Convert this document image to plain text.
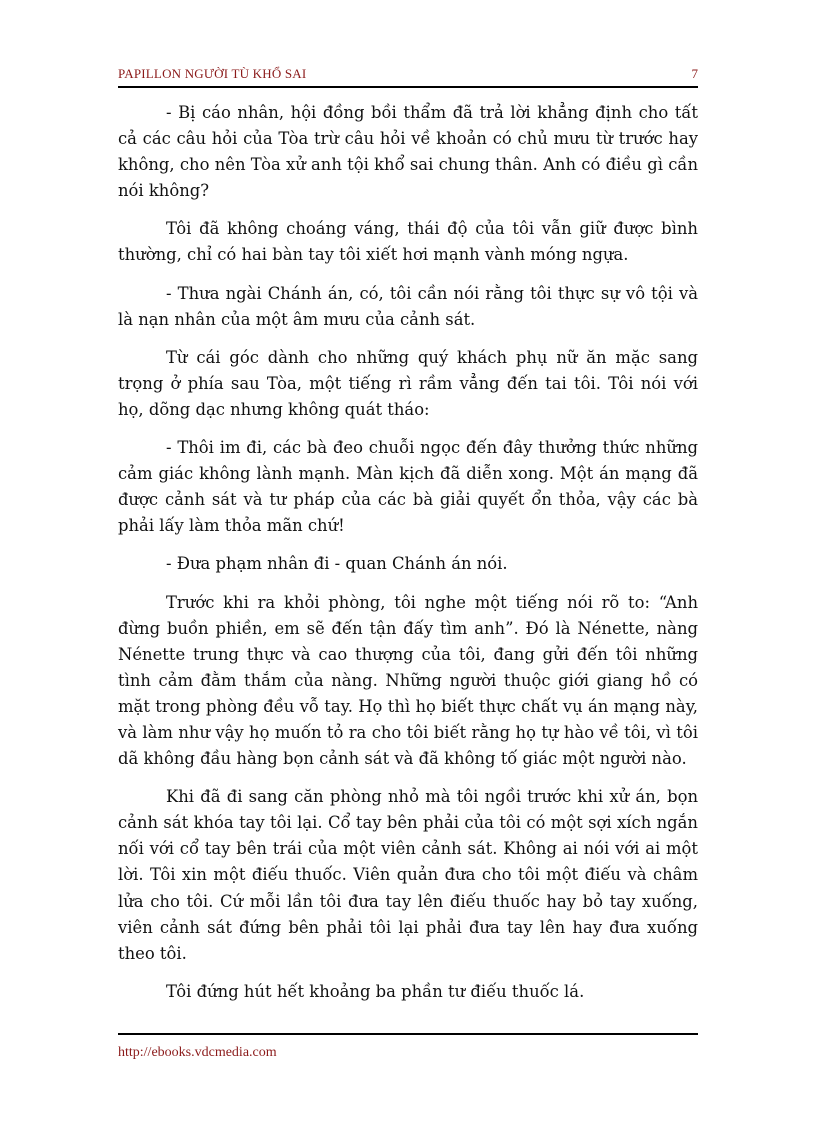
PAPILLON NGƯỜI TÙ KHỔ SAI	7

- Bị cáo nhân, hội đồng bồi thẩm đã trả lời khẳng định cho tất cả các câu hỏi của Tòa trừ câu hỏi về khoản có chủ mưu từ trước hay không, cho nên Tòa xử anh tội khổ sai chung thân. Anh có điều gì cần nói không?

Tôi đã không choáng váng, thái độ của tôi vẫn giữ được bình thường, chỉ có hai bàn tay tôi xiết hơi mạnh vành móng ngựa.

- Thưa ngài Chánh án, có, tôi cần nói rằng tôi thực sự vô tội và là nạn nhân của một âm mưu của cảnh sát.

Từ cái góc dành cho những quý khách phụ nữ ăn mặc sang trọng ở phía sau Tòa, một tiếng rì rầm vẳng đến tai tôi. Tôi nói với họ, dõng dạc nhưng không quát tháo:

- Thôi im đi, các bà đeo chuỗi ngọc đến đây thưởng thức những cảm giác không lành mạnh. Màn kịch đã diễn xong. Một án mạng đã được cảnh sát và tư pháp của các bà giải quyết ổn thỏa, vậy các bà phải lấy làm thỏa mãn chứ!

- Đưa phạm nhân đi - quan Chánh án nói.

Trước khi ra khỏi phòng, tôi nghe một tiếng nói rõ to: “Anh đừng buồn phiền, em sẽ đến tận đấy tìm anh”. Đó là Nénette, nàng Nénette trung thực và cao thượng của tôi, đang gửi đến tôi những tình cảm đằm thắm của nàng. Những người thuộc giới giang hồ có mặt trong phòng đều vỗ tay. Họ thì họ biết thực chất vụ án mạng này, và làm như vậy họ muốn tỏ ra cho tôi biết rằng họ tự hào về tôi, vì tôi dã không đầu hàng bọn cảnh sát và đã không tố giác một người nào.

Khi đã đi sang căn phòng nhỏ mà tôi ngồi trước khi xử án, bọn cảnh sát khóa tay tôi lại. Cổ tay bên phải của tôi có một sợi xích ngắn nối với cổ tay bên trái của một viên cảnh sát. Không ai nói với ai một lời. Tôi xin một điếu thuốc. Viên quản đưa cho tôi một điếu và châm lửa cho tôi. Cứ mỗi lần tôi đưa tay lên điếu thuốc hay bỏ tay xuống, viên cảnh sát đứng bên phải tôi lại phải đưa tay lên hay đưa xuống theo tôi.

Tôi đứng hút hết khoảng ba phần tư điếu thuốc lá.

http://ebooks.vdcmedia.com
